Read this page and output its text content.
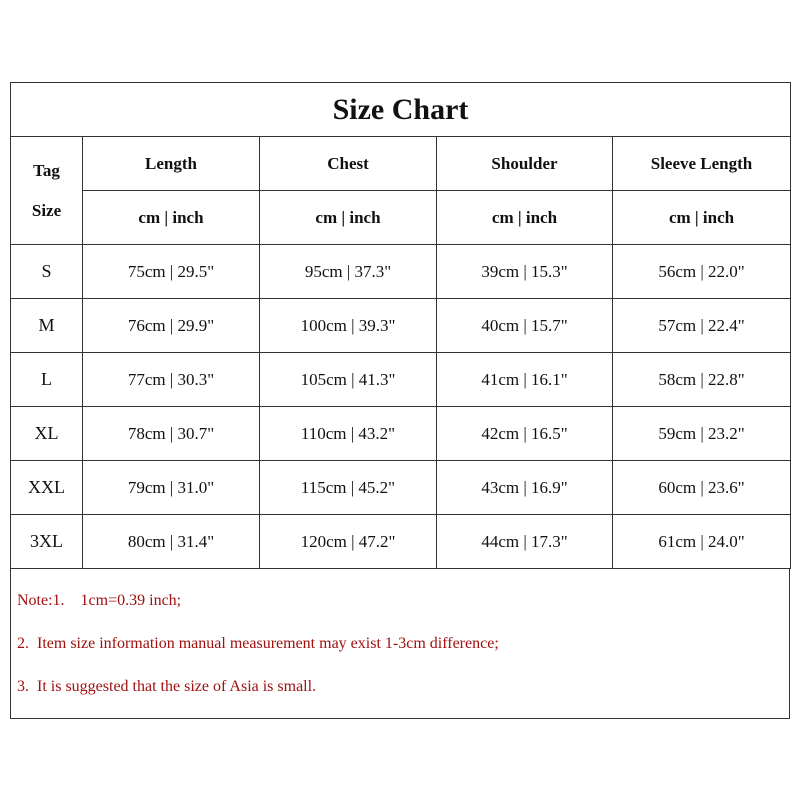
Size Chart				
Tag

Size	Length	Chest	Shoulder	Sleeve Length
	cm | inch	cm | inch	cm | inch	cm | inch
S	75cm | 29.5"	95cm | 37.3"	39cm | 15.3"	56cm | 22.0"
M	76cm | 29.9"	100cm | 39.3"	40cm | 15.7"	57cm | 22.4"
L	77cm | 30.3"	105cm | 41.3"	41cm | 16.1"	58cm | 22.8"
XL	78cm | 30.7"	110cm | 43.2"	42cm | 16.5"	59cm | 23.2"
XXL	79cm | 31.0"	115cm | 45.2"	43cm | 16.9"	60cm | 23.6"
3XL	80cm | 31.4"	120cm | 47.2"	44cm | 17.3"	61cm | 24.0"
Note:1.    1cm=0.39 inch;
2.  Item size information manual measurement may exist 1-3cm difference;
3.  It is suggested that the size of Asia is small.
